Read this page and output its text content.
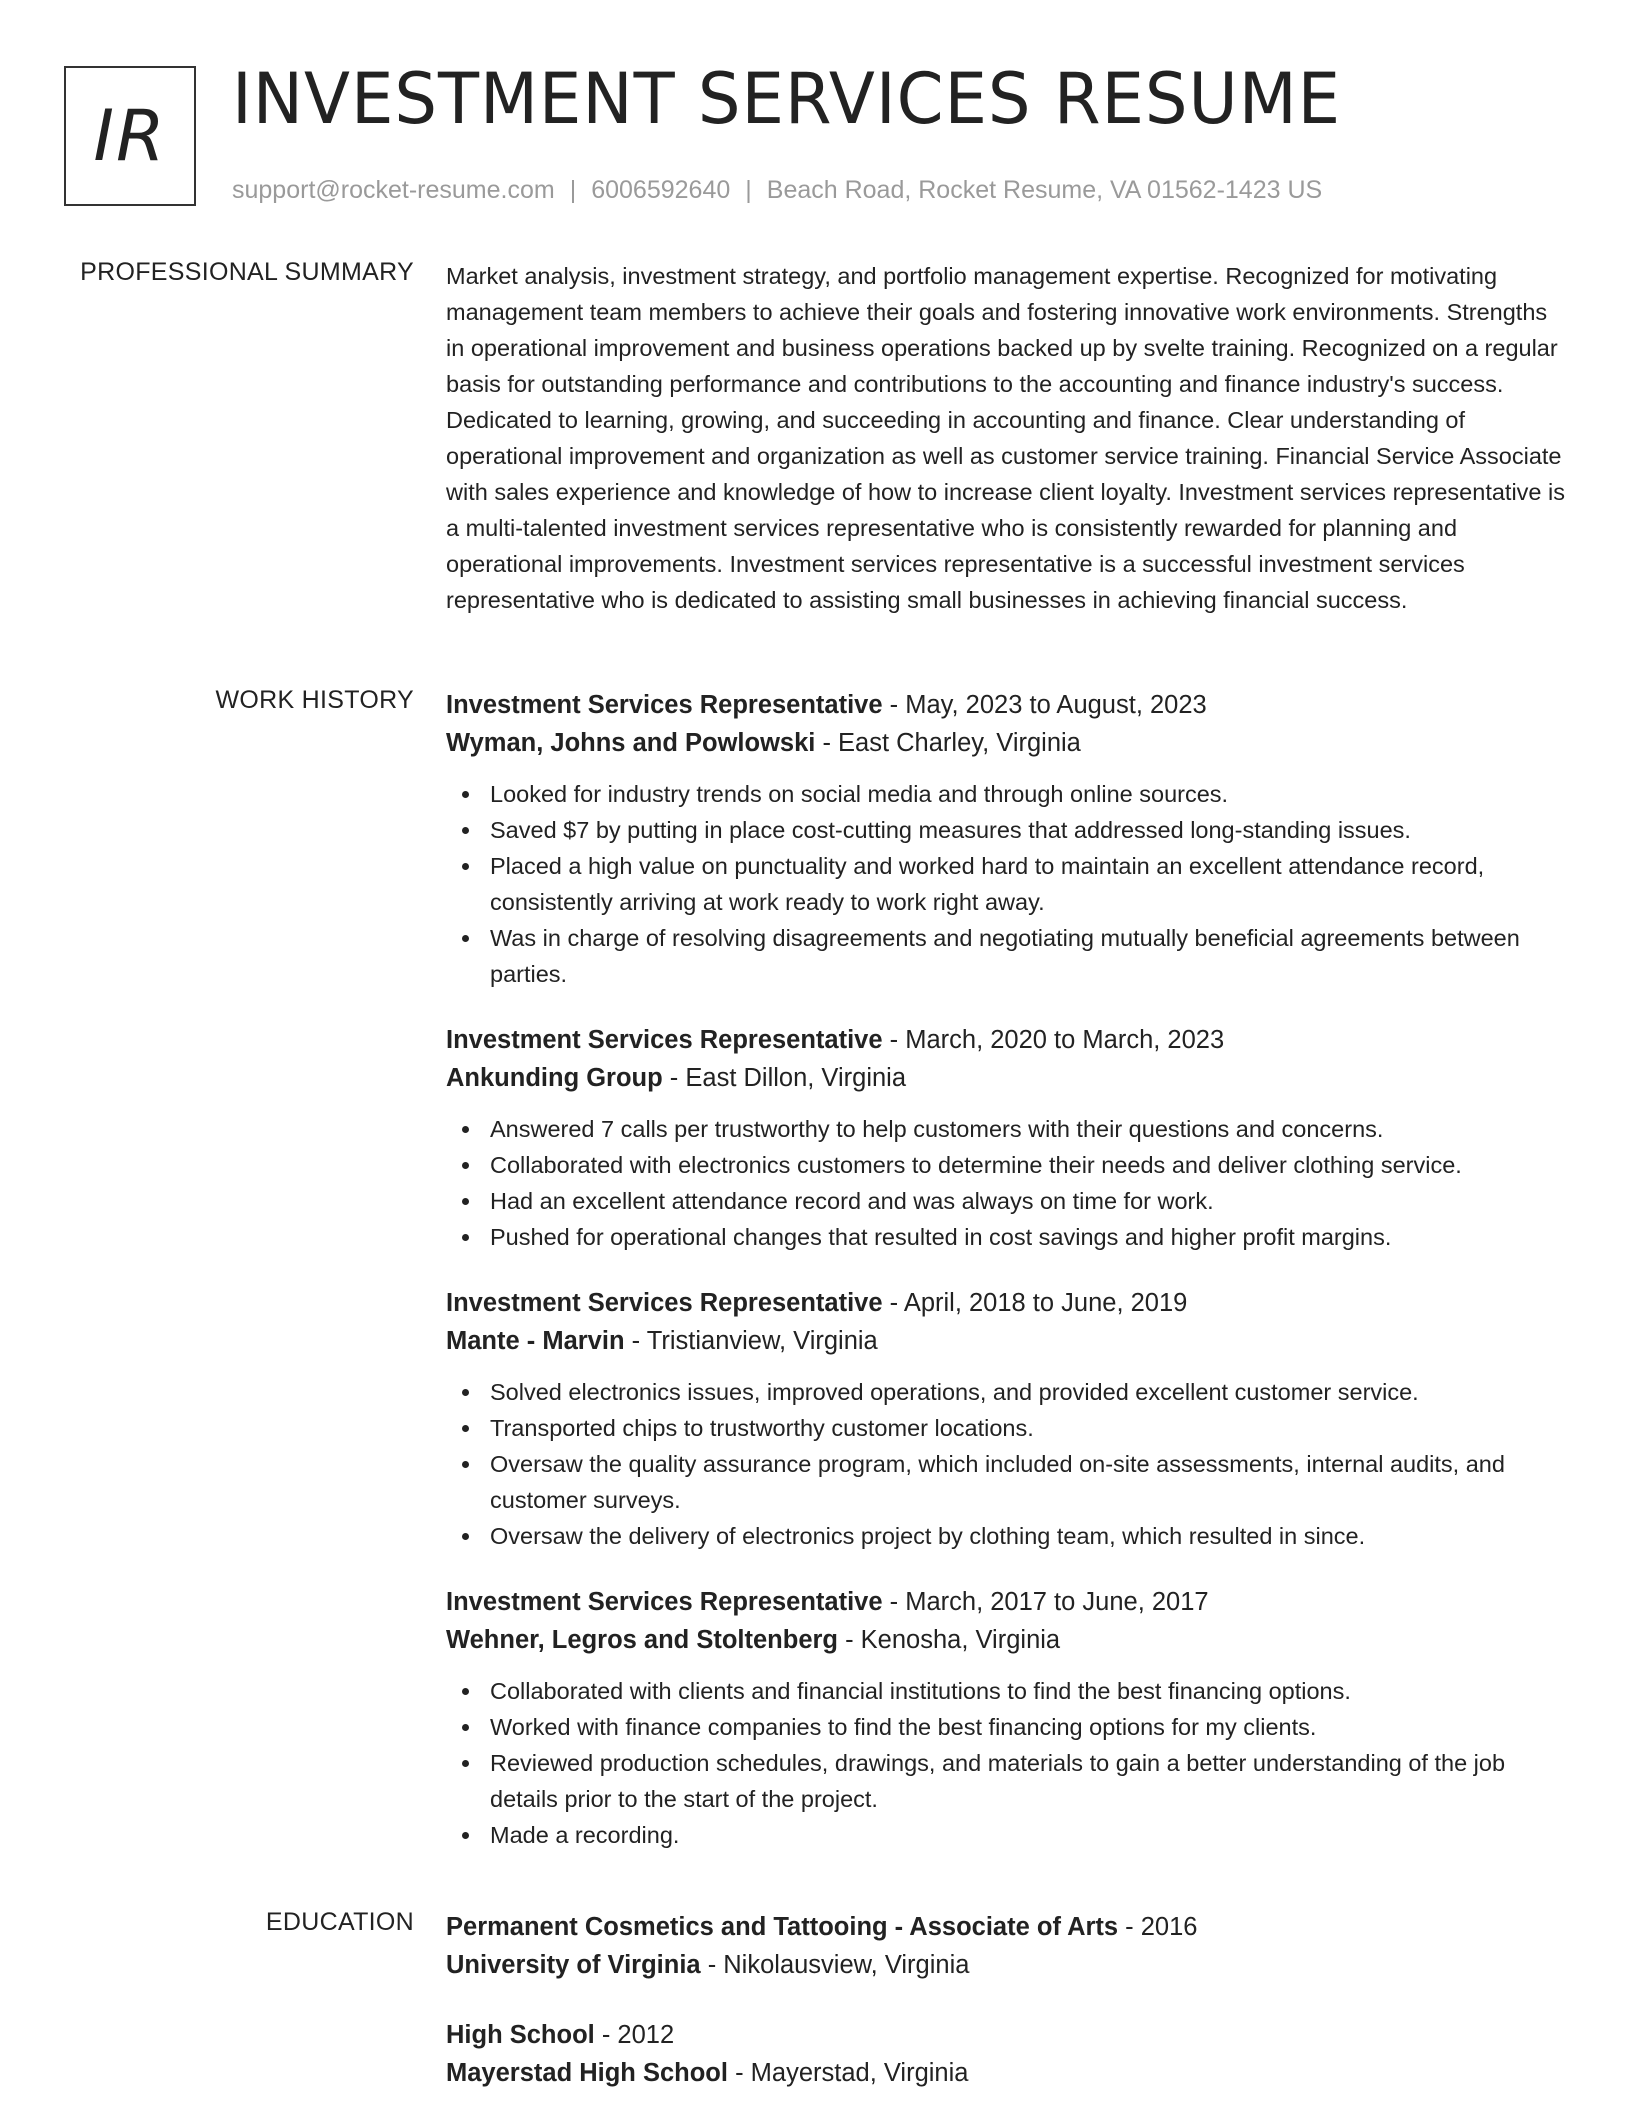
IR INVESTMENT SERVICES RESUME
support@rocket-resume.com | 6006592640 | Beach Road, Rocket Resume, VA 01562-1423 US
PROFESSIONAL SUMMARY Market analysis, investment strategy, and portfolio management expertise. Recognized for motivating management team members to achieve their goals and fostering innovative work environments. Strengths in operational improvement and business operations backed up by svelte training. Recognized on a regular basis for outstanding performance and contributions to the accounting and finance industry's success. Dedicated to learning, growing, and succeeding in accounting and finance. Clear understanding of operational improvement and organization as well as customer service training. Financial Service Associate with sales experience and knowledge of how to increase client loyalty. Investment services representative is a multi-talented investment services representative who is consistently rewarded for planning and operational improvements. Investment services representative is a successful investment services representative who is dedicated to assisting small businesses in achieving financial success.

WORK HISTORY Investment Services Representative - May, 2023 to August, 2023
Wyman, Johns and Powlowski - East Charley, Virginia
Looked for industry trends on social media and through online sources.
Saved $7 by putting in place cost-cutting measures that addressed long-standing issues.
Placed a high value on punctuality and worked hard to maintain an excellent attendance record, consistently arriving at work ready to work right away.
Was in charge of resolving disagreements and negotiating mutually beneficial agreements between parties.
Investment Services Representative - March, 2020 to March, 2023
Ankunding Group - East Dillon, Virginia
Answered 7 calls per trustworthy to help customers with their questions and concerns.
Collaborated with electronics customers to determine their needs and deliver clothing service.
Had an excellent attendance record and was always on time for work.
Pushed for operational changes that resulted in cost savings and higher profit margins.
Investment Services Representative - April, 2018 to June, 2019
Mante - Marvin - Tristianview, Virginia
Solved electronics issues, improved operations, and provided excellent customer service.
Transported chips to trustworthy customer locations.
Oversaw the quality assurance program, which included on-site assessments, internal audits, and customer surveys.
Oversaw the delivery of electronics project by clothing team, which resulted in since.
Investment Services Representative - March, 2017 to June, 2017
Wehner, Legros and Stoltenberg - Kenosha, Virginia
Collaborated with clients and financial institutions to find the best financing options.
Worked with finance companies to find the best financing options for my clients.
Reviewed production schedules, drawings, and materials to gain a better understanding of the job details prior to the start of the project.
Made a recording.
EDUCATION Permanent Cosmetics and Tattooing - Associate of Arts - 2016
University of Virginia - Nikolausview, Virginia
High School - 2012
Mayerstad High School - Mayerstad, Virginia
